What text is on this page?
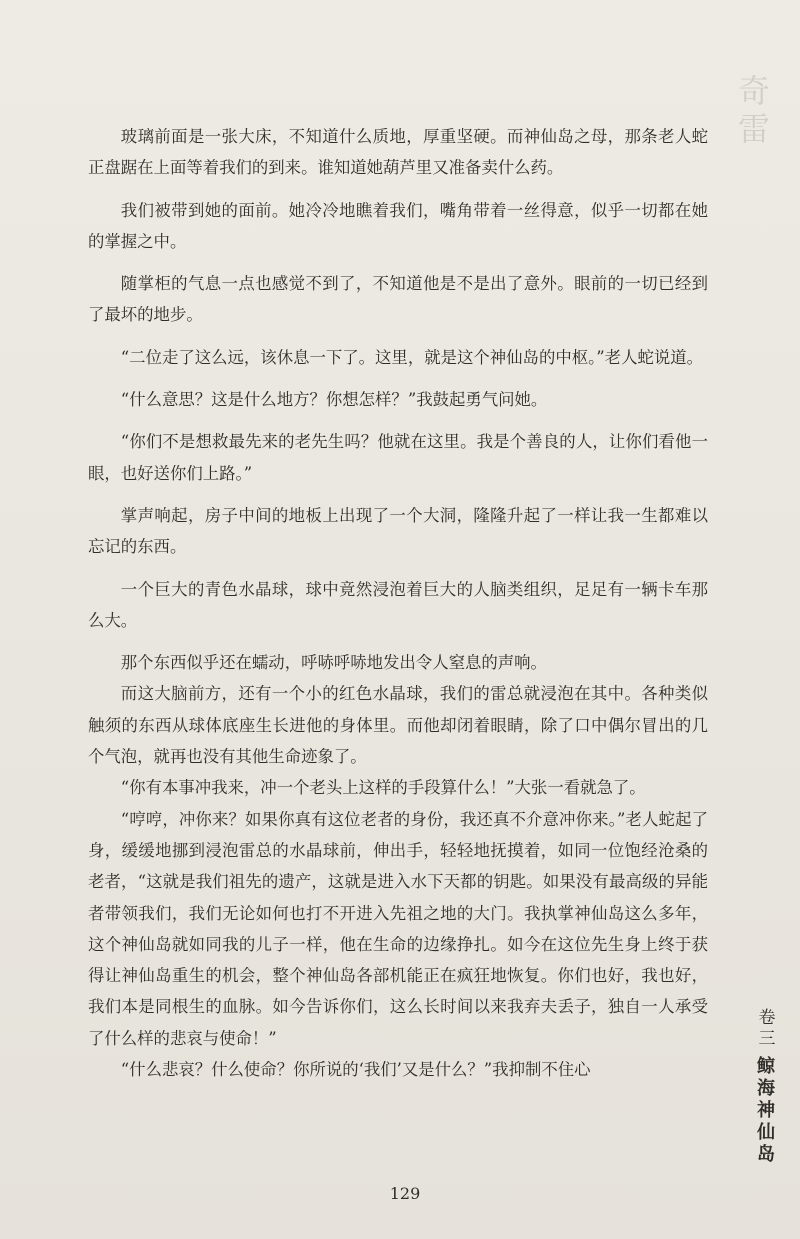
奇雷

玻璃前面是一张大床，不知道什么质地，厚重坚硬。而神仙岛之母，那条老人蛇正盘踞在上面等着我们的到来。谁知道她葫芦里又准备卖什么药。

我们被带到她的面前。她冷冷地瞧着我们，嘴角带着一丝得意，似乎一切都在她的掌握之中。

随掌柜的气息一点也感觉不到了，不知道他是不是出了意外。眼前的一切已经到了最坏的地步。

“二位走了这么远，该休息一下了。这里，就是这个神仙岛的中枢。”老人蛇说道。

“什么意思？这是什么地方？你想怎样？”我鼓起勇气问她。

“你们不是想救最先来的老先生吗？他就在这里。我是个善良的人，让你们看他一眼，也好送你们上路。”

掌声响起，房子中间的地板上出现了一个大洞，隆隆升起了一样让我一生都难以忘记的东西。

一个巨大的青色水晶球，球中竟然浸泡着巨大的人脑类组织，足足有一辆卡车那么大。

那个东西似乎还在蠕动，呼哧呼哧地发出令人窒息的声响。

而这大脑前方，还有一个小的红色水晶球，我们的雷总就浸泡在其中。各种类似触须的东西从球体底座生长进他的身体里。而他却闭着眼睛，除了口中偶尔冒出的几个气泡，就再也没有其他生命迹象了。

“你有本事冲我来，冲一个老头上这样的手段算什么！”大张一看就急了。

“哼哼，冲你来？如果你真有这位老者的身份，我还真不介意冲你来。”老人蛇起了身，缓缓地挪到浸泡雷总的水晶球前，伸出手，轻轻地抚摸着，如同一位饱经沧桑的老者，“这就是我们祖先的遗产，这就是进入水下天都的钥匙。如果没有最高级的异能者带领我们，我们无论如何也打不开进入先祖之地的大门。我执掌神仙岛这么多年，这个神仙岛就如同我的儿子一样，他在生命的边缘挣扎。如今在这位先生身上终于获得让神仙岛重生的机会，整个神仙岛各部机能正在疯狂地恢复。你们也好，我也好，我们本是同根生的血脉。如今告诉你们，这么长时间以来我弃夫丢子，独自一人承受了什么样的悲哀与使命！”

“什么悲哀？什么使命？你所说的‘我们’又是什么？”我抑制不住心

卷三
鲸海神仙岛
129
